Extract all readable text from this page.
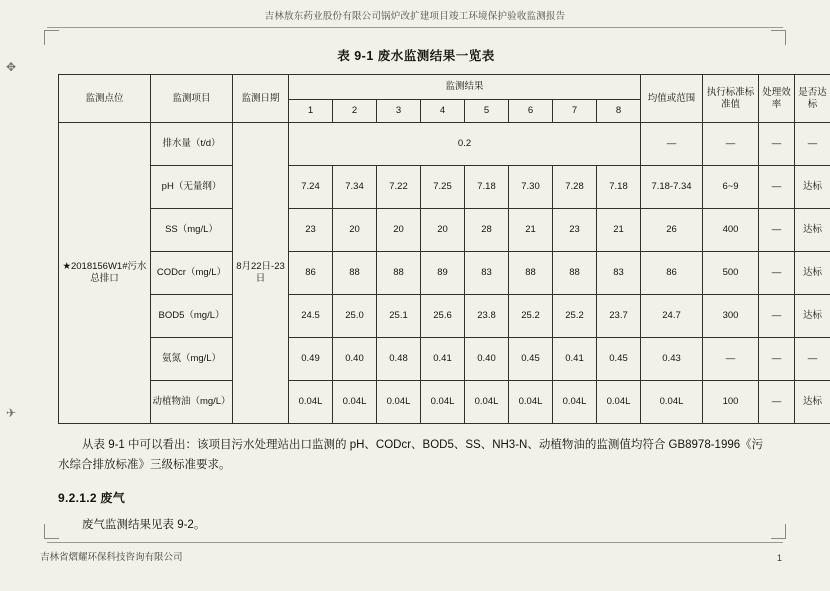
吉林敖东药业股份有限公司锅炉改扩建项目竣工环境保护验收监测报告
✥
✈
表 9-1 废水监测结果一览表
监测点位	监测项目	监测日期	监测结果								均值或范围	执行标准标准值	处理效率	是否达标
			1	2	3	4	5	6	7	8				
★2018156W1#污水总排口	排水量（t/d）	8月22日-23日	0.2								—	—	—	—
	pH（无量纲）		7.24	7.34	7.22	7.25	7.18	7.30	7.28	7.18	7.18-7.34	6~9	—	达标
	SS（mg/L）		23	20	20	20	28	21	23	21	26	400	—	达标
	CODcr（mg/L）		86	88	88	89	83	88	88	83	86	500	—	达标
	BOD5（mg/L）		24.5	25.0	25.1	25.6	23.8	25.2	25.2	23.7	24.7	300	—	达标
	氨氮（mg/L）		0.49	0.40	0.48	0.41	0.40	0.45	0.41	0.45	0.43	—	—	—
	动植物油（mg/L）		0.04L	0.04L	0.04L	0.04L	0.04L	0.04L	0.04L	0.04L	0.04L	100	—	达标
从表 9-1 中可以看出：该项目污水处理站出口监测的 pH、CODcr、BOD5、SS、NH3-N、动植物油的监测值均符合 GB8978-1996《污水综合排放标准》三级标准要求。
9.2.1.2 废气
废气监测结果见表 9-2。
吉林省熠耀环保科技咨询有限公司	1
